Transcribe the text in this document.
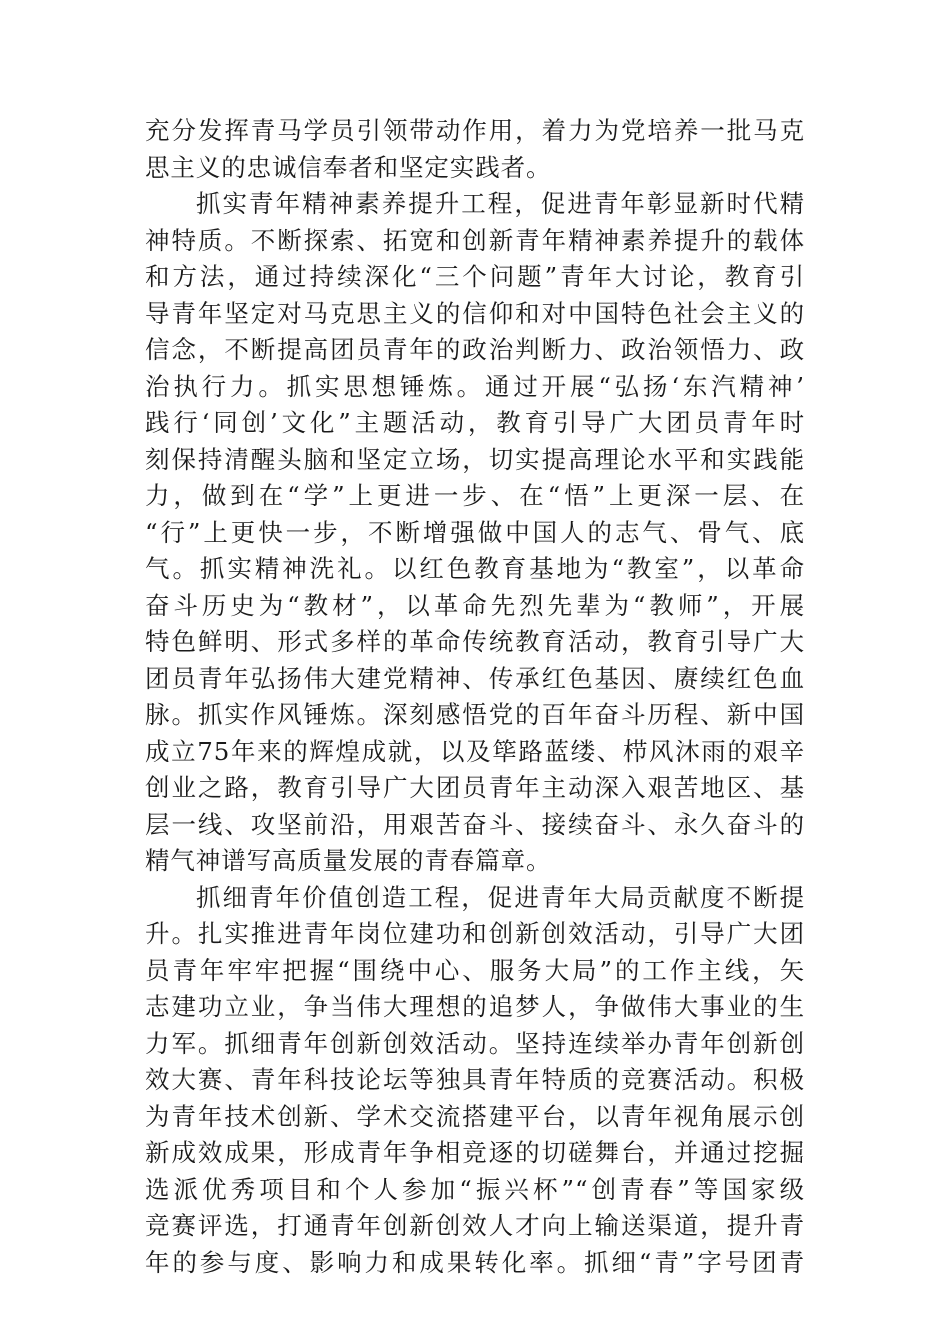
充分发挥青马学员引领带动作用，着力为党培养一批马克
思主义的忠诚信奉者和坚定实践者。
抓实青年精神素养提升工程，促进青年彰显新时代精
神特质。不断探索、拓宽和创新青年精神素养提升的载体
和方法，通过持续深化“三个问题”青年大讨论，教育引
导青年坚定对马克思主义的信仰和对中国特色社会主义的
信念，不断提高团员青年的政治判断力、政治领悟力、政
治执行力。抓实思想锤炼。通过开展“弘扬‘东汽精神’
践行‘同创’文化”主题活动，教育引导广大团员青年时
刻保持清醒头脑和坚定立场，切实提高理论水平和实践能
力，做到在“学”上更进一步、在“悟”上更深一层、在
“行”上更快一步，不断增强做中国人的志气、骨气、底
气。抓实精神洗礼。以红色教育基地为“教室”，以革命
奋斗历史为“教材”，以革命先烈先辈为“教师”，开展
特色鲜明、形式多样的革命传统教育活动，教育引导广大
团员青年弘扬伟大建党精神、传承红色基因、赓续红色血
脉。抓实作风锤炼。深刻感悟党的百年奋斗历程、新中国
成立75年来的辉煌成就，以及筚路蓝缕、栉风沐雨的艰辛
创业之路，教育引导广大团员青年主动深入艰苦地区、基
层一线、攻坚前沿，用艰苦奋斗、接续奋斗、永久奋斗的
精气神谱写高质量发展的青春篇章。
抓细青年价值创造工程，促进青年大局贡献度不断提
升。扎实推进青年岗位建功和创新创效活动，引导广大团
员青年牢牢把握“围绕中心、服务大局”的工作主线，矢
志建功立业，争当伟大理想的追梦人，争做伟大事业的生
力军。抓细青年创新创效活动。坚持连续举办青年创新创
效大赛、青年科技论坛等独具青年特质的竞赛活动。积极
为青年技术创新、学术交流搭建平台，以青年视角展示创
新成效成果，形成青年争相竞逐的切磋舞台，并通过挖掘
选派优秀项目和个人参加“振兴杯”“创青春”等国家级
竞赛评选，打通青年创新创效人才向上输送渠道，提升青
年的参与度、影响力和成果转化率。抓细“青”字号团青
